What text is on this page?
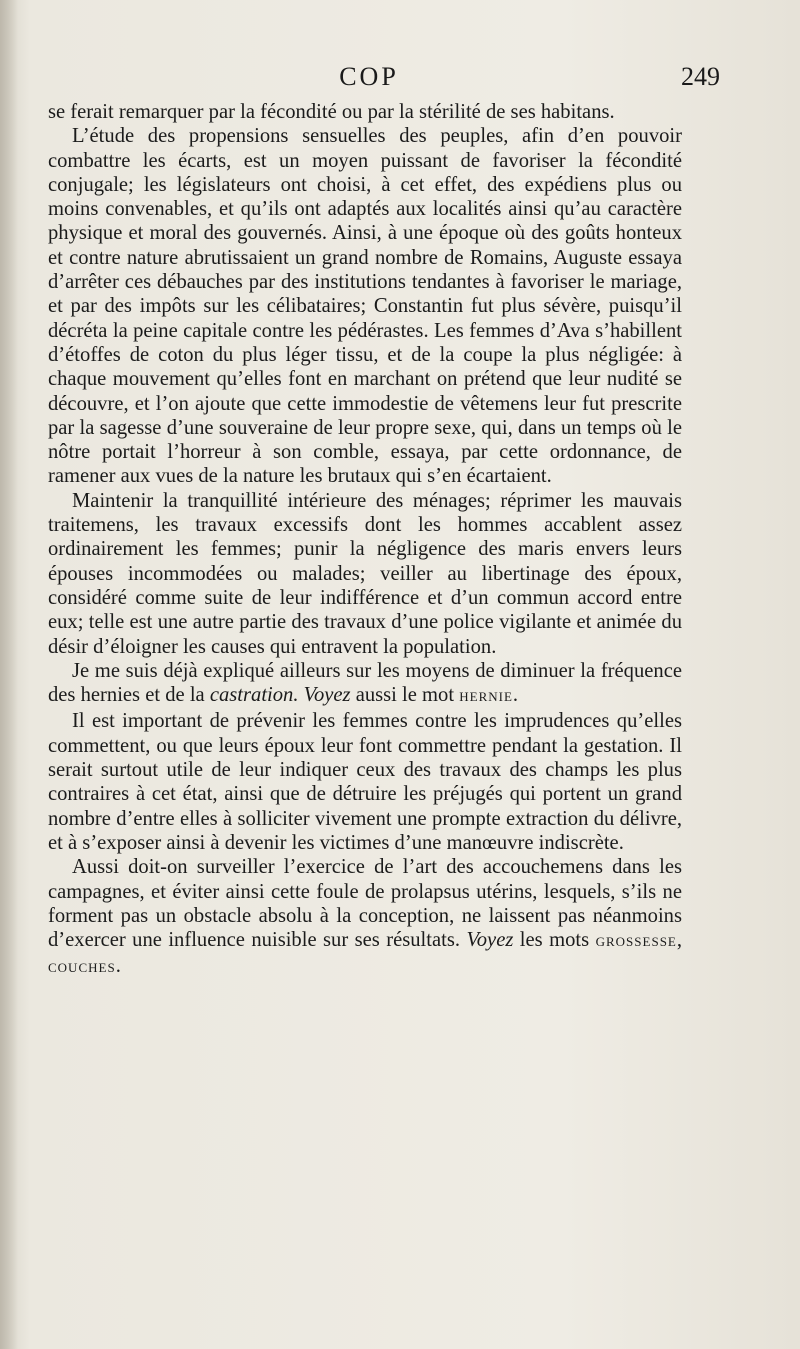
COP	249

se ferait remarquer par la fécondité ou par la stérilité de ses habitans.

L’étude des propensions sensuelles des peuples, afin d’en pouvoir combattre les écarts, est un moyen puissant de favoriser la fécondité conjugale; les législateurs ont choisi, à cet effet, des expédiens plus ou moins convenables, et qu’ils ont adaptés aux localités ainsi qu’au caractère physique et moral des gouvernés. Ainsi, à une époque où des goûts honteux et contre nature abrutissaient un grand nombre de Romains, Auguste essaya d’arrêter ces débauches par des institutions tendantes à favoriser le mariage, et par des impôts sur les célibataires; Constantin fut plus sévère, puisqu’il décréta la peine capitale contre les pédérastes. Les femmes d’Ava s’habillent d’étoffes de coton du plus léger tissu, et de la coupe la plus négligée: à chaque mouvement qu’elles font en marchant on prétend que leur nudité se découvre, et l’on ajoute que cette immodestie de vêtemens leur fut prescrite par la sagesse d’une souveraine de leur propre sexe, qui, dans un temps où le nôtre portait l’horreur à son comble, essaya, par cette ordonnance, de ramener aux vues de la nature les brutaux qui s’en écartaient.

Maintenir la tranquillité intérieure des ménages; réprimer les mauvais traitemens, les travaux excessifs dont les hommes accablent assez ordinairement les femmes; punir la négligence des maris envers leurs épouses incommodées ou malades; veiller au libertinage des époux, considéré comme suite de leur indifférence et d’un commun accord entre eux; telle est une autre partie des travaux d’une police vigilante et animée du désir d’éloigner les causes qui entravent la population.

Je me suis déjà expliqué ailleurs sur les moyens de diminuer la fréquence des hernies et de la castration. Voyez aussi le mot HERNIE.

Il est important de prévenir les femmes contre les imprudences qu’elles commettent, ou que leurs époux leur font commettre pendant la gestation. Il serait surtout utile de leur indiquer ceux des travaux des champs les plus contraires à cet état, ainsi que de détruire les préjugés qui portent un grand nombre d’entre elles à solliciter vivement une prompte extraction du délivre, et à s’exposer ainsi à devenir les victimes d’une manœuvre indiscrète.

Aussi doit-on surveiller l’exercice de l’art des accouchemens dans les campagnes, et éviter ainsi cette foule de prolapsus utérins, lesquels, s’ils ne forment pas un obstacle absolu à la conception, ne laissent pas néanmoins d’exercer une influence nuisible sur ses résultats. Voyez les mots GROSSESSE, COUCHES.
